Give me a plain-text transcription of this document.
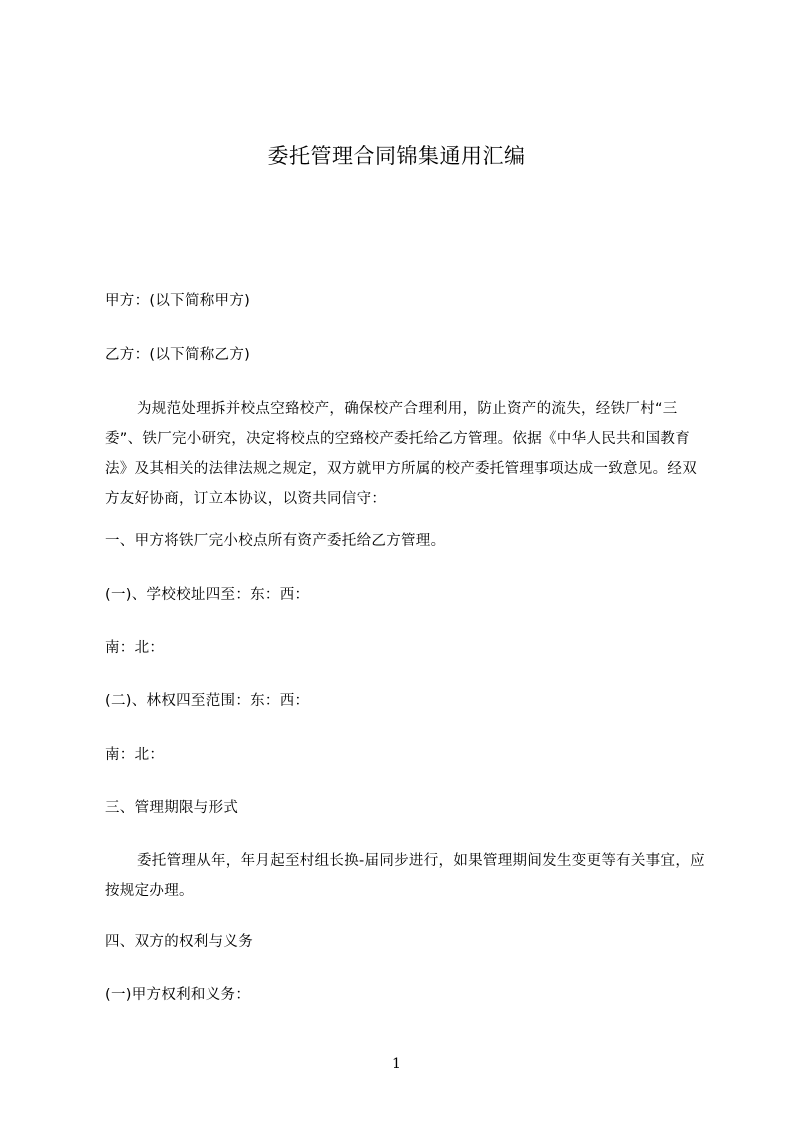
委托管理合同锦集通用汇编

甲方：(以下简称甲方)

乙方：(以下简称乙方)

为规范处理拆并校点空臵校产，确保校产合理利用，防止资产的流失，经铁厂村“三委”、铁厂完小研究，决定将校点的空臵校产委托给乙方管理。依据《中华人民共和国教育法》及其相关的法律法规之规定，双方就甲方所属的校产委托管理事项达成一致意见。经双方友好协商，订立本协议，以资共同信守：

一、甲方将铁厂完小校点所有资产委托给乙方管理。

(一)、学校校址四至：东：西：

南：北：

(二)、林权四至范围：东：西：

南：北：

三、管理期限与形式

委托管理从年，年月起至村组长换-届同步进行，如果管理期间发生变更等有关事宜，应按规定办理。

四、双方的权利与义务

(一)甲方权利和义务：

1
